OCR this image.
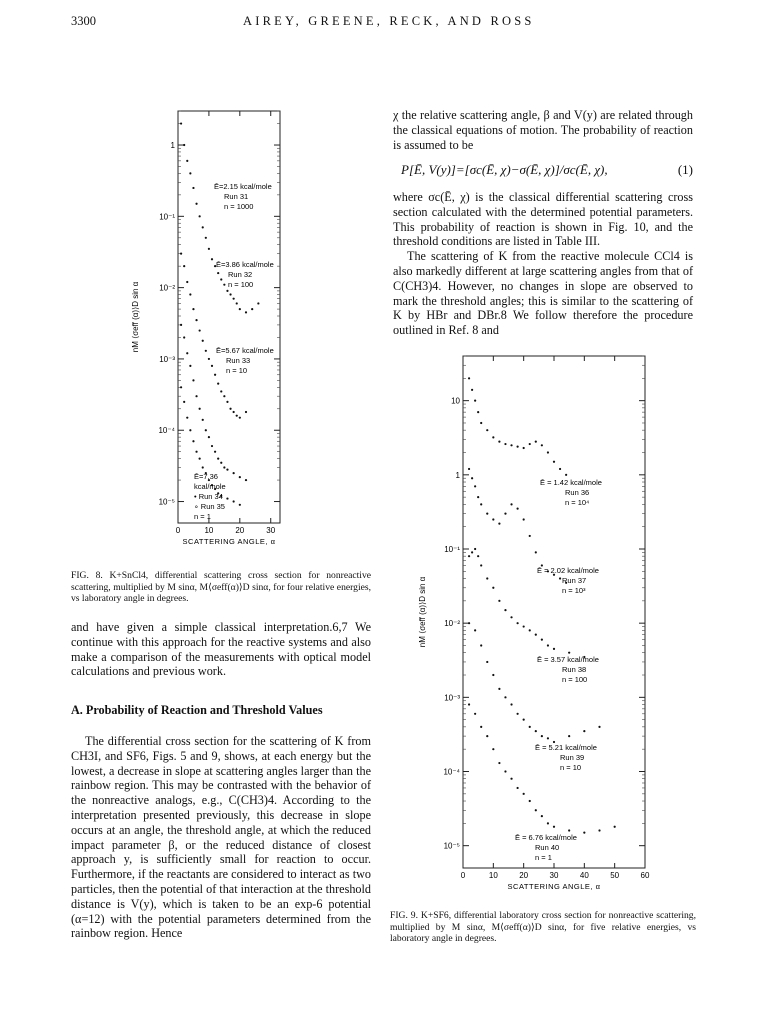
3300	AIREY, GREENE, RECK, AND ROSS
1
10⁻¹
10⁻²
10⁻³
10⁻⁴
10⁻⁵
0	10	20	30
SCATTERING ANGLE, α
nM ⟨σeff (α)⟩D sin α
Ē=2.15 kcal/mole
Run 31
n = 1000
Ē=3.86 kcal/mole
Run 32
n = 100
Ē=5.67 kcal/mole
Run 33
n = 10
Ē=7.36
kcal/mole
• Run 34
∘ Run 35
n = 1
FIG. 8. K+SnCl4, differential scattering cross section for nonreactive scattering, multiplied by M sinα, M⟨σeff(α)⟩D sinα, for four relative energies, vs laboratory angle in degrees.

and have given a simple classical interpretation.6,7 We continue with this approach for the reactive systems and also make a comparison of the measurements with optical model calculations and previous work.

A. Probability of Reaction and Threshold Values

The differential cross section for the scattering of K from CH3I, and SF6, Figs. 5 and 9, shows, at each energy but the lowest, a decrease in slope at scattering angles larger than the rainbow region. This may be contrasted with the behavior of the nonreactive analogs, e.g., C(CH3)4. According to the interpretation presented previously, this decrease in slope occurs at an angle, the threshold angle, at which the reduced impact parameter β, or the reduced distance of closest approach y, is sufficiently small for reaction to occur. Furthermore, if the reactants are considered to interact as two particles, then the potential of that interaction at the threshold distance is V(y), which is taken to be an exp-6 potential (α=12) with the potential parameters determined from the rainbow region. Hence

χ the relative scattering angle, β and V(y) are related through the classical equations of motion. The probability of reaction is assumed to be

P[Ē, V(y)]=[σc(Ē, χ)−σ(Ē, χ)]/σc(Ē, χ),	(1)

where σc(Ē, χ) is the classical differential scattering cross section calculated with the determined potential parameters. This probability of reaction is shown in Fig. 10, and the threshold conditions are listed in Table III.

The scattering of K from the reactive molecule CCl4 is also markedly different at large scattering angles from that of C(CH3)4. However, no changes in slope are observed to mark the threshold angles; this is similar to the scattering of K by HBr and DBr.8 We follow therefore the procedure outlined in Ref. 8 and

10
1
10⁻¹
10⁻²
10⁻³
10⁻⁴
10⁻⁵
0	10	20	30	40	50	60
SCATTERING ANGLE, α
nM ⟨σeff (α)⟩D sin α
Ē = 1.42 kcal/mole
Run 36
n = 10⁴
Ē = 2.02 kcal/mole
Run 37
n = 10³
Ē = 3.57 kcal/mole
Run 38
n = 100
Ē = 5.21 kcal/mole
Run 39
n = 10
Ē = 6.76 kcal/mole
Run 40
n = 1
FIG. 9. K+SF6, differential laboratory cross section for nonreactive scattering, multiplied by M sinα, M⟨σeff(α)⟩D sinα, for five relative energies, vs laboratory angle in degrees.
